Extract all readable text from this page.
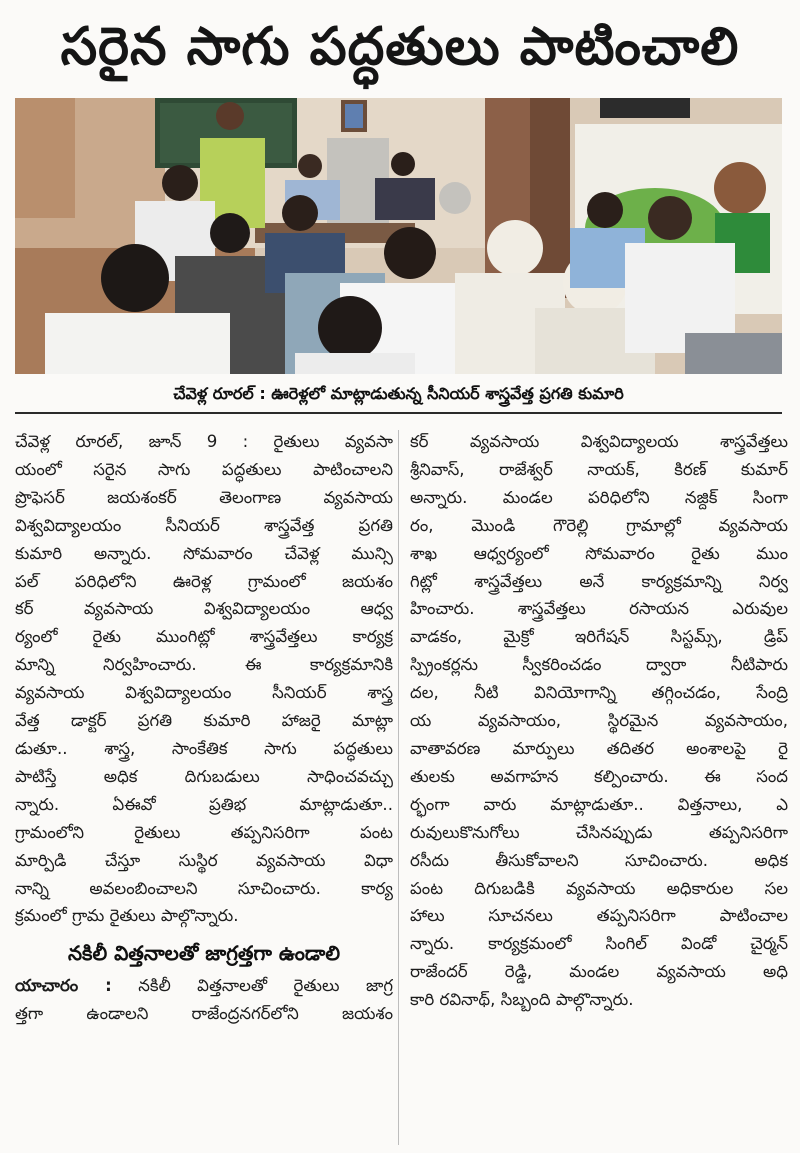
సరైన సాగు పద్ధతులు పాటించాలి
చేవెళ్ల రూరల్ : ఊరెళ్లలో మాట్లాడుతున్న సీనియర్ శాస్త్రవేత్త ప్రగతి కుమారి

చేవెళ్ల రూరల్, జూన్ 9 : రైతులు వ్యవసా

యంలో సరైన సాగు పద్ధతులు పాటించాలని

ప్రొఫెసర్ జయశంకర్ తెలంగాణ వ్యవసాయ

విశ్వవిద్యాలయం సీనియర్ శాస్త్రవేత్త ప్రగతి

కుమారి అన్నారు. సోమవారం చేవెళ్ల మున్సి

పల్ పరిధిలోని ఊరెళ్ల గ్రామంలో జయశం

కర్ వ్యవసాయ విశ్వవిద్యాలయం ఆధ్వ

ర్యంలో రైతు ముంగిట్లో శాస్త్రవేత్తలు కార్యక్ర

మాన్ని నిర్వహించారు. ఈ కార్యక్రమానికి

వ్యవసాయ విశ్వవిద్యాలయం సీనియర్ శాస్త్ర

వేత్త డాక్టర్ ప్రగతి కుమారి హాజరై మాట్లా

డుతూ.. శాస్త్ర, సాంకేతిక సాగు పద్ధతులు

పాటిస్తే అధిక దిగుబడులు సాధించవచ్చు

న్నారు. ఏఈవో ప్రతిభ మాట్లాడుతూ..

గ్రామంలోని రైతులు తప్పనిసరిగా పంట

మార్పిడి చేస్తూ సుస్థిర వ్యవసాయ విధా

నాన్ని అవలంబించాలని సూచించారు. కార్య

క్రమంలో గ్రామ రైతులు పాల్గొన్నారు.

నకిలీ విత్తనాలతో జాగ్రత్తగా ఉండాలి

యాచారం : నకిలీ విత్తనాలతో రైతులు జాగ్ర

త్తగా ఉండాలని రాజేంద్రనగర్‌లోని జయశం

కర్ వ్యవసాయ విశ్వవిద్యాలయ శాస్త్రవేత్తలు

శ్రీనివాస్, రాజేశ్వర్ నాయక్, కిరణ్ కుమార్

అన్నారు. మండల పరిధిలోని నజ్దిక్ సింగా

రం, మొండి గౌరెల్లి గ్రామాల్లో వ్యవసాయ

శాఖ ఆధ్వర్యంలో సోమవారం రైతు ముం

గిట్లో శాస్త్రవేత్తలు అనే కార్యక్రమాన్ని నిర్వ

హించారు. శాస్త్రవేత్తలు రసాయన ఎరువుల

వాడకం, మైక్రో ఇరిగేషన్ సిస్టమ్స్, డ్రిప్

స్ప్రింకర్లను స్వీకరించడం ద్వారా నీటిపారు

దల, నీటి వినియోగాన్ని తగ్గించడం, సేంద్రి

య వ్యవసాయం, స్థిరమైన వ్యవసాయం,

వాతావరణ మార్పులు తదితర అంశాలపై రై

తులకు అవగాహన కల్పించారు. ఈ సంద

ర్భంగా వారు మాట్లాడుతూ.. విత్తనాలు, ఎ

రువులుకొనుగోలు చేసినప్పుడు తప్పనిసరిగా

రసీదు తీసుకోవాలని సూచించారు. అధిక

పంట దిగుబడికి వ్యవసాయ అధికారుల సల

హాలు సూచనలు తప్పనిసరిగా పాటించాల

న్నారు. కార్యక్రమంలో సింగిల్ విండో చైర్మన్

రాజేందర్ రెడ్డి, మండల వ్యవసాయ అధి

కారి రవినాథ్, సిబ్బంది పాల్గొన్నారు.
